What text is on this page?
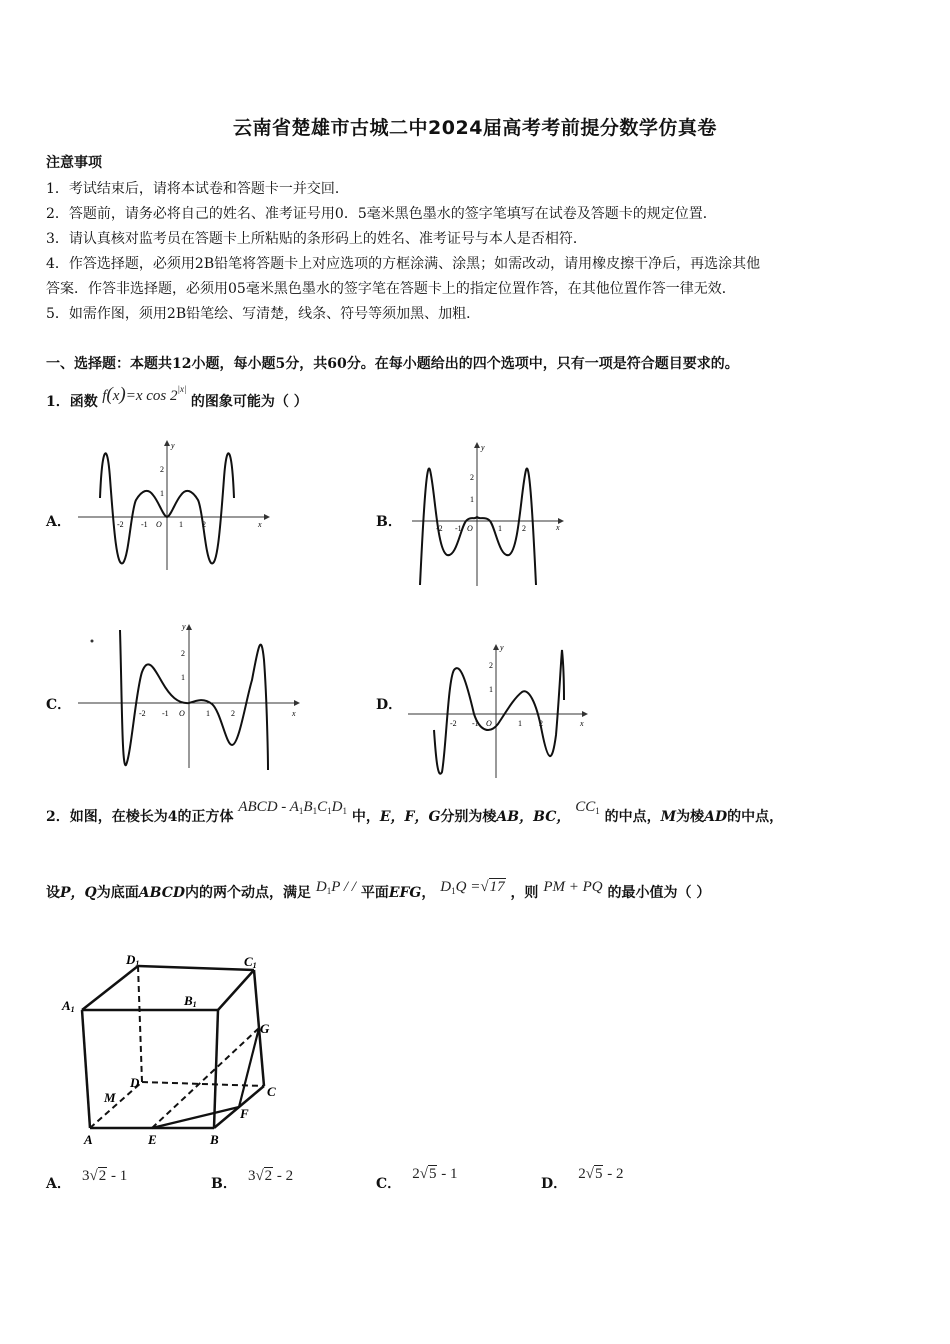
云南省楚雄市古城二中2024届高考考前提分数学仿真卷
注意事项
1．考试结束后，请将本试卷和答题卡一并交回．
2．答题前，请务必将自己的姓名、准考证号用0．5毫米黑色墨水的签字笔填写在试卷及答题卡的规定位置．
3．请认真核对监考员在答题卡上所粘贴的条形码上的姓名、准考证号与本人是否相符．
4．作答选择题，必须用2B铅笔将答题卡上对应选项的方框涂满、涂黑；如需改动，请用橡皮擦干净后，再选涂其他
答案．作答非选择题，必须用05毫米黑色墨水的签字笔在答题卡上的指定位置作答，在其他位置作答一律无效．
5．如需作图，须用2B铅笔绘、写清楚，线条、符号等须加黑、加粗．
一、选择题：本题共12小题，每小题5分，共60分。在每小题给出的四个选项中，只有一项是符合题目要求的。
1．函数 f(x)=x $\cos 2^{|x|}$ 的图象可能为（ ）
A．	B．
C．	D．
y
x
O
-2 -1	1 2
2
1
y
x
O
-2 -1	1	2
2
1
y
x
O
-2 -1	1	2
2
1
y
x
O
-2 -1	1 2
2
1
2．如图，在棱长为4的正方体 ABCD - $A_1B_1C_1D_1$ 中，E，F，G分别为棱AB，BC， $CC_1$ 的中点，M为棱AD的中点，
设P，Q为底面ABCD内的两个动点，满足 $D_1P$ / / 平面EFG， $D_1Q =√17$ ，则 PM + PQ 的最小值为（ ）
D1	C1
A1
B1
G
D
C
M
F
A	E	B
A． 3√2 - 1	B． 3√2 - 2	C． 2√5 - 1
D． 2√5 - 2
